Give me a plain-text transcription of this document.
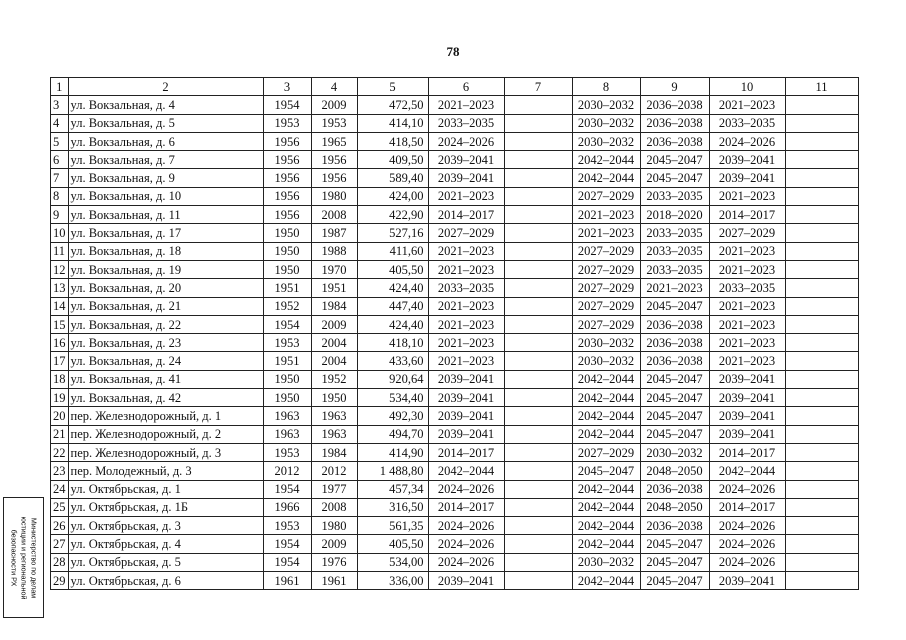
78
1	2	3	4	5	6	7	8	9	10	11
3	ул. Вокзальная, д. 4	1954	2009	472,50	2021–2023		2030–2032	2036–2038	2021–2023	
4	ул. Вокзальная, д. 5	1953	1953	414,10	2033–2035		2030–2032	2036–2038	2033–2035	
5	ул. Вокзальная, д. 6	1956	1965	418,50	2024–2026		2030–2032	2036–2038	2024–2026	
6	ул. Вокзальная, д. 7	1956	1956	409,50	2039–2041		2042–2044	2045–2047	2039–2041	
7	ул. Вокзальная, д. 9	1956	1956	589,40	2039–2041		2042–2044	2045–2047	2039–2041	
8	ул. Вокзальная, д. 10	1956	1980	424,00	2021–2023		2027–2029	2033–2035	2021–2023	
9	ул. Вокзальная, д. 11	1956	2008	422,90	2014–2017		2021–2023	2018–2020	2014–2017	
10	ул. Вокзальная, д. 17	1950	1987	527,16	2027–2029		2021–2023	2033–2035	2027–2029	
11	ул. Вокзальная, д. 18	1950	1988	411,60	2021–2023		2027–2029	2033–2035	2021–2023	
12	ул. Вокзальная, д. 19	1950	1970	405,50	2021–2023		2027–2029	2033–2035	2021–2023	
13	ул. Вокзальная, д. 20	1951	1951	424,40	2033–2035		2027–2029	2021–2023	2033–2035	
14	ул. Вокзальная, д. 21	1952	1984	447,40	2021–2023		2027–2029	2045–2047	2021–2023	
15	ул. Вокзальная, д. 22	1954	2009	424,40	2021–2023		2027–2029	2036–2038	2021–2023	
16	ул. Вокзальная, д. 23	1953	2004	418,10	2021–2023		2030–2032	2036–2038	2021–2023	
17	ул. Вокзальная, д. 24	1951	2004	433,60	2021–2023		2030–2032	2036–2038	2021–2023	
18	ул. Вокзальная, д. 41	1950	1952	920,64	2039–2041		2042–2044	2045–2047	2039–2041	
19	ул. Вокзальная, д. 42	1950	1950	534,40	2039–2041		2042–2044	2045–2047	2039–2041	
20	пер. Железнодорожный, д. 1	1963	1963	492,30	2039–2041		2042–2044	2045–2047	2039–2041	
21	пер. Железнодорожный, д. 2	1963	1963	494,70	2039–2041		2042–2044	2045–2047	2039–2041	
22	пер. Железнодорожный, д. 3	1953	1984	414,90	2014–2017		2027–2029	2030–2032	2014–2017	
23	пер. Молодежный, д. 3	2012	2012	1 488,80	2042–2044		2045–2047	2048–2050	2042–2044	
24	ул. Октябрьская, д. 1	1954	1977	457,34	2024–2026		2042–2044	2036–2038	2024–2026	
25	ул. Октябрьская, д. 1Б	1966	2008	316,50	2014–2017		2042–2044	2048–2050	2014–2017	
26	ул. Октябрьская, д. 3	1953	1980	561,35	2024–2026		2042–2044	2036–2038	2024–2026	
27	ул. Октябрьская, д. 4	1954	2009	405,50	2024–2026		2042–2044	2045–2047	2024–2026	
28	ул. Октябрьская, д. 5	1954	1976	534,00	2024–2026		2030–2032	2045–2047	2024–2026	
29	ул. Октябрьская, д. 6	1961	1961	336,00	2039–2041		2042–2044	2045–2047	2039–2041	
Министерство по делам
юстиции и региональной
безопасности РХ
